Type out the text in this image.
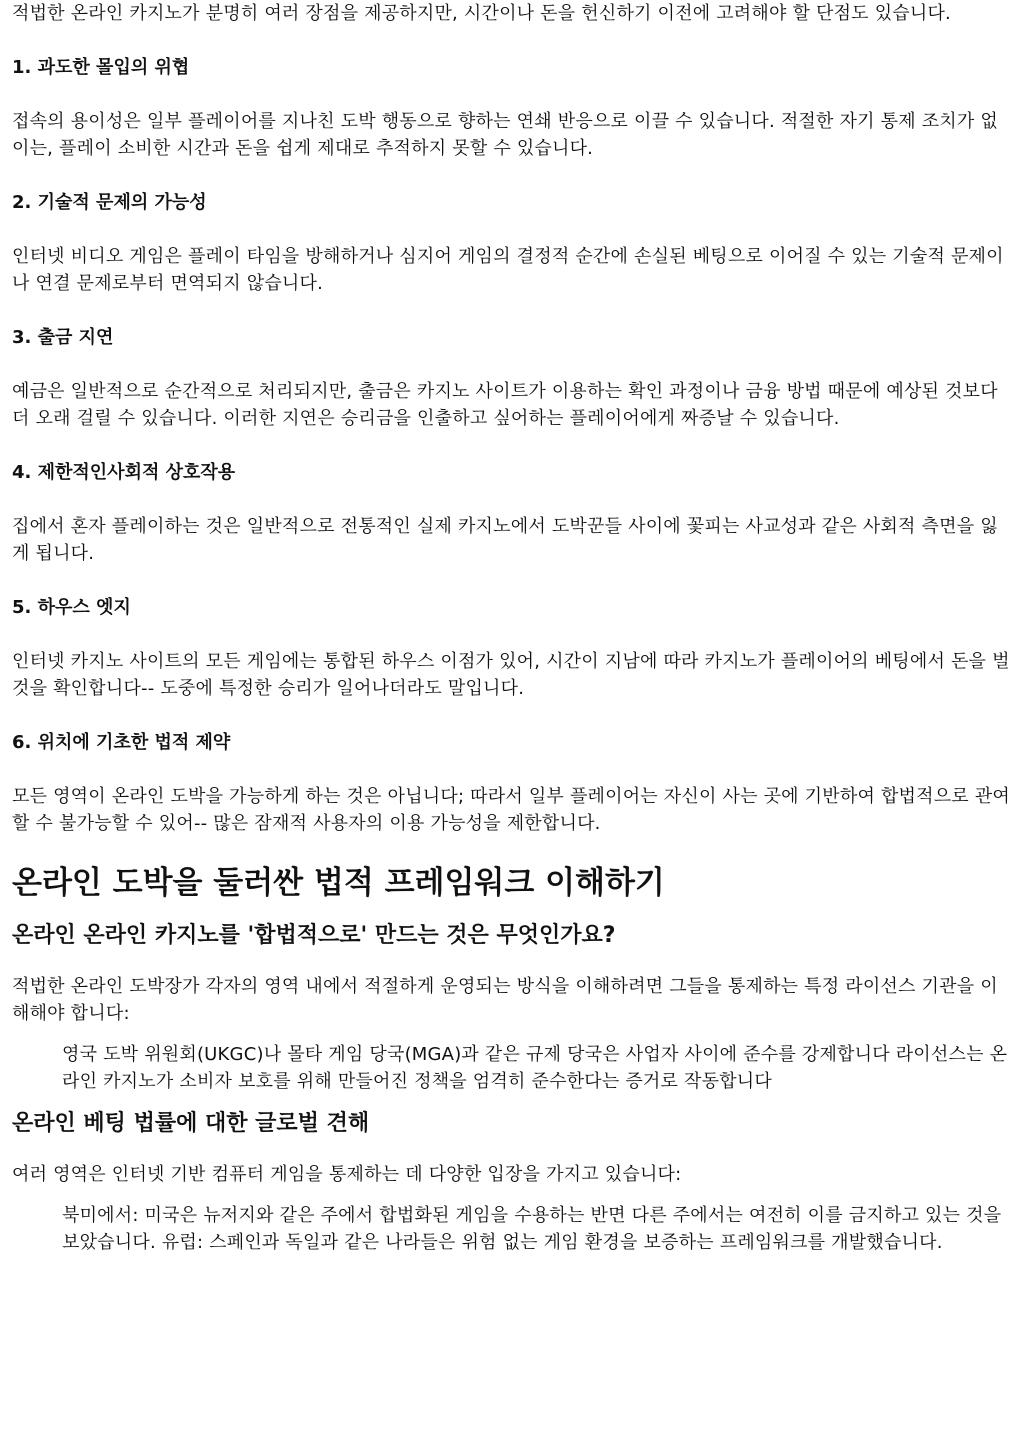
적법한 온라인 카지노가 분명히 여러 장점을 제공하지만, 시간이나 돈을 헌신하기 이전에 고려해야 할 단점도 있습니다.

1. 과도한 몰입의 위협

접속의 용이성은 일부 플레이어를 지나친 도박 행동으로 향하는 연쇄 반응으로 이끌 수 있습니다. 적절한 자기 통제 조치가 없이는, 플레이 소비한 시간과 돈을 쉽게 제대로 추적하지 못할 수 있습니다.

2. 기술적 문제의 가능성

인터넷 비디오 게임은 플레이 타임을 방해하거나 심지어 게임의 결정적 순간에 손실된 베팅으로 이어질 수 있는 기술적 문제이나 연결 문제로부터 면역되지 않습니다.

3. 출금 지연

예금은 일반적으로 순간적으로 처리되지만, 출금은 카지노 사이트가 이용하는 확인 과정이나 금융 방법 때문에 예상된 것보다 더 오래 걸릴 수 있습니다. 이러한 지연은 승리금을 인출하고 싶어하는 플레이어에게 짜증날 수 있습니다.

4. 제한적인사회적 상호작용

집에서 혼자 플레이하는 것은 일반적으로 전통적인 실제 카지노에서 도박꾼들 사이에 꽃피는 사교성과 같은 사회적 측면을 잃게 됩니다.

5. 하우스 엣지

인터넷 카지노 사이트의 모든 게임에는 통합된 하우스 이점가 있어, 시간이 지남에 따라 카지노가 플레이어의 베팅에서 돈을 벌 것을 확인합니다-- 도중에 특정한 승리가 일어나더라도 말입니다.

6. 위치에 기초한 법적 제약

모든 영역이 온라인 도박을 가능하게 하는 것은 아닙니다; 따라서 일부 플레이어는 자신이 사는 곳에 기반하여 합법적으로 관여할 수 불가능할 수 있어-- 많은 잠재적 사용자의 이용 가능성을 제한합니다.

온라인 도박을 둘러싼 법적 프레임워크 이해하기
온라인 온라인 카지노를 '합법적으로' 만드는 것은 무엇인가요?

적법한 온라인 도박장가 각자의 영역 내에서 적절하게 운영되는 방식을 이해하려면 그들을 통제하는 특정 라이선스 기관을 이해해야 합니다:

영국 도박 위원회(UKGC)나 몰타 게임 당국(MGA)과 같은 규제 당국은 사업자 사이에 준수를 강제합니다 라이선스는 온라인 카지노가 소비자 보호를 위해 만들어진 정책을 엄격히 준수한다는 증거로 작동합니다

온라인 베팅 법률에 대한 글로벌 견해

여러 영역은 인터넷 기반 컴퓨터 게임을 통제하는 데 다양한 입장을 가지고 있습니다:

북미에서: 미국은 뉴저지와 같은 주에서 합법화된 게임을 수용하는 반면 다른 주에서는 여전히 이를 금지하고 있는 것을 보았습니다. 유럽: 스페인과 독일과 같은 나라들은 위험 없는 게임 환경을 보증하는 프레임워크를 개발했습니다.
